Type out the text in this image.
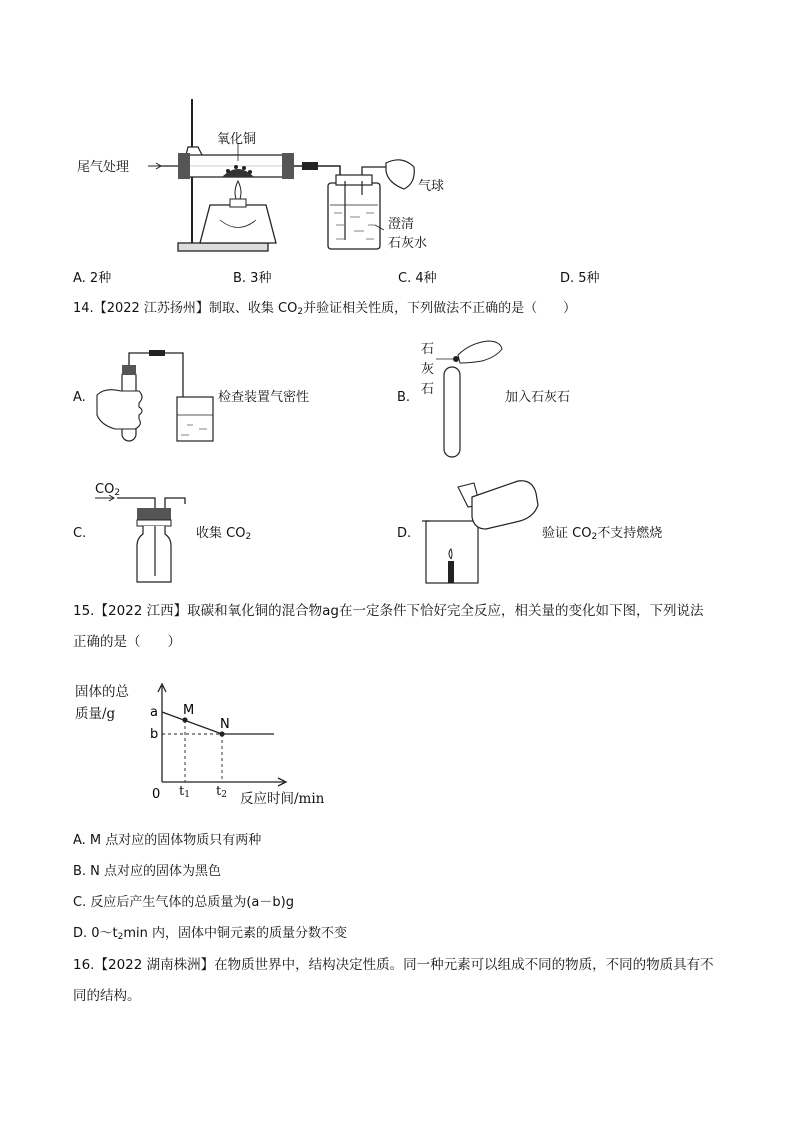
尾气处理
氧化铜
气球
澄清
石灰水
A. 2种	B. 3种	C. 4种	D. 5种
14.【2022 江苏扬州】制取、收集 $CO_2$并验证相关性质，下列做法不正确的是（　　）
A.	检查装置气密性	B.
石
灰
石
加入石灰石
C.
$CO_2$
收集 $CO_2$	D.	验证 $CO_2$不支持燃烧
15.【2022 江西】取碳和氧化铜的混合物ag在一定条件下恰好完全反应，相关量的变化如下图，下列说法
正确的是（　　）
a
b
0
M
N
固体的总
质量/g
$t_1$ $t_2$ 反应时间/min
A. M 点对应的固体物质只有两种
B. N 点对应的固体为黑色
C. 反应后产生气体的总质量为(a－b)g
D. $0\sim t_2\min$ 内，固体中铜元素的质量分数不变
16.【2022 湖南株洲】在物质世界中，结构决定性质。同一种元素可以组成不同的物质，不同的物质具有不
同的结构。
